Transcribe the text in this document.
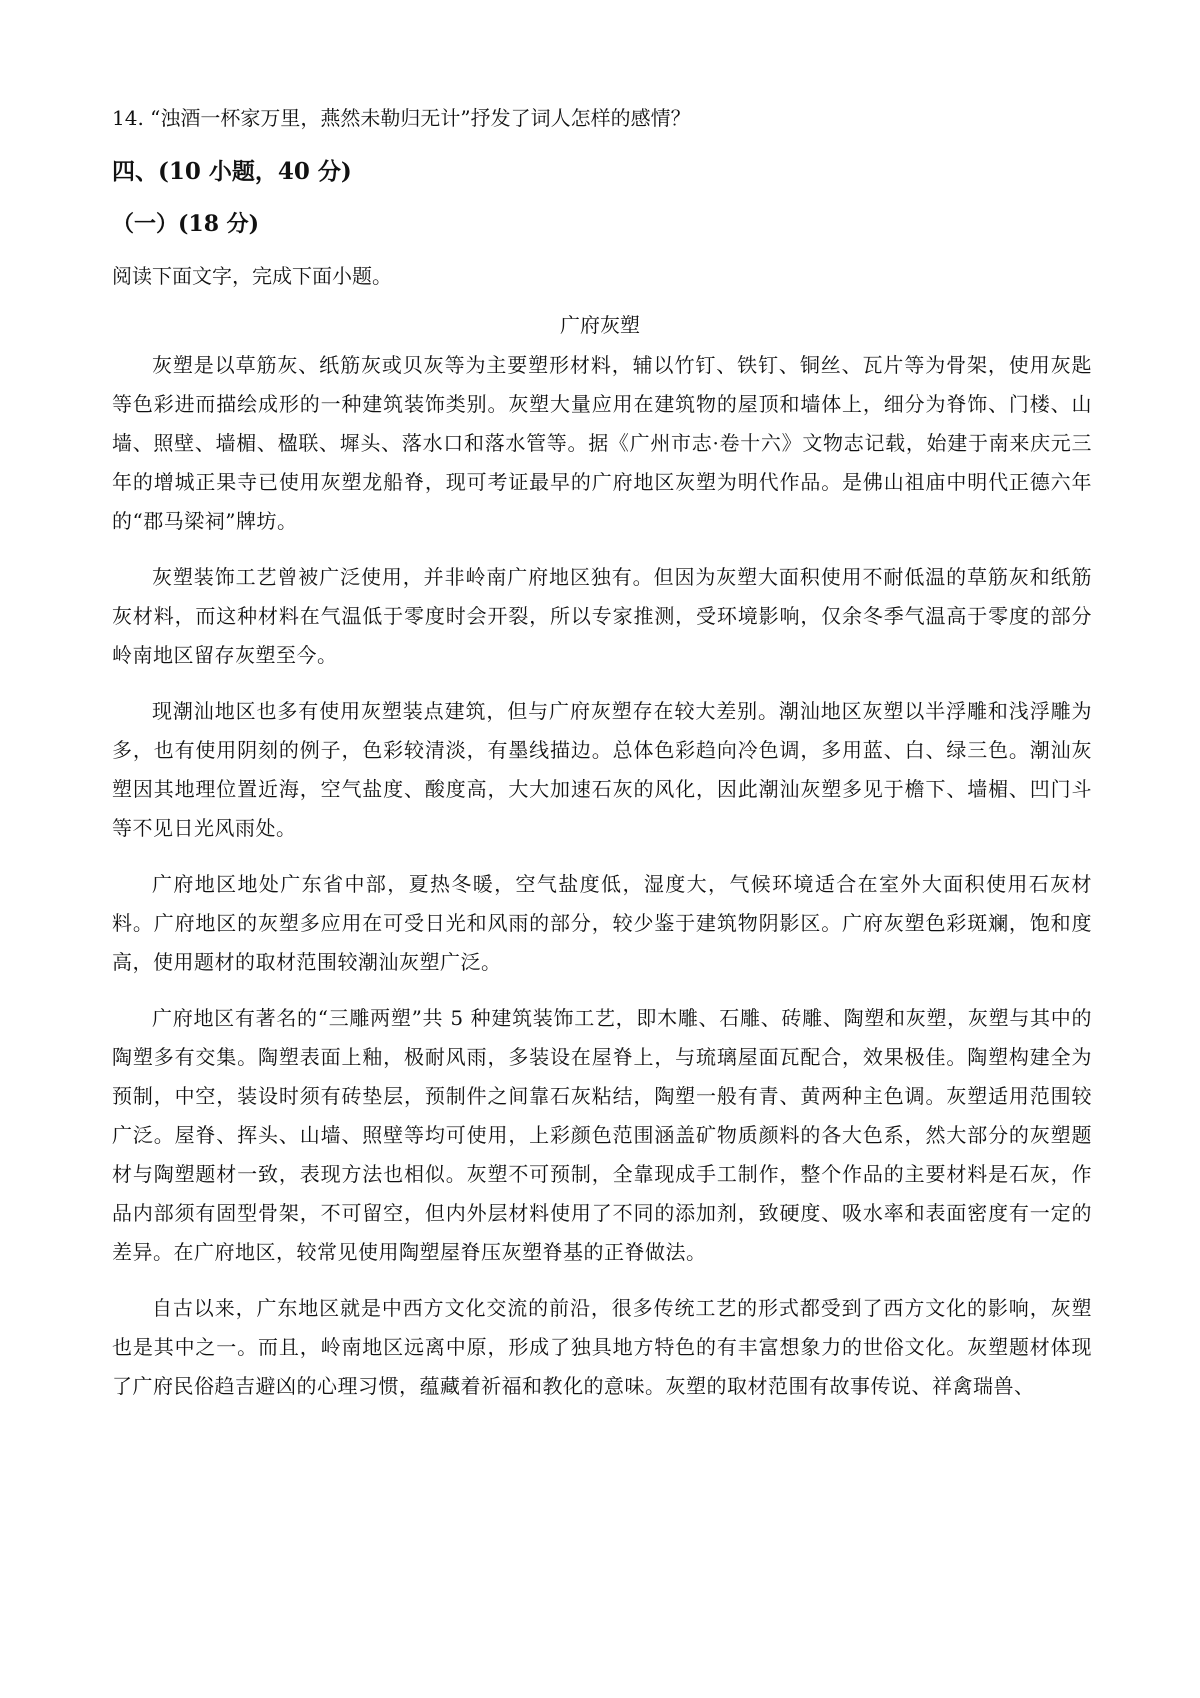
14. “浊酒一杯家万里，燕然未勒归无计”抒发了词人怎样的感情？
四、(10 小题，40 分)
（一）(18 分)
阅读下面文字，完成下面小题。
广府灰塑

灰塑是以草筋灰、纸筋灰或贝灰等为主要塑形材料，辅以竹钉、铁钉、铜丝、瓦片等为骨架，使用灰匙等色彩进而描绘成形的一种建筑装饰类别。灰塑大量应用在建筑物的屋顶和墙体上，细分为脊饰、门楼、山墙、照壁、墙楣、楹联、墀头、落水口和落水管等。据《广州市志·卷十六》文物志记载，始建于南来庆元三年的增城正果寺已使用灰塑龙船脊，现可考证最早的广府地区灰塑为明代作品。是佛山祖庙中明代正德六年的“郡马梁祠”牌坊。

灰塑装饰工艺曾被广泛使用，并非岭南广府地区独有。但因为灰塑大面积使用不耐低温的草筋灰和纸筋灰材料，而这种材料在气温低于零度时会开裂，所以专家推测，受环境影响，仅余冬季气温高于零度的部分岭南地区留存灰塑至今。

现潮汕地区也多有使用灰塑装点建筑，但与广府灰塑存在较大差别。潮汕地区灰塑以半浮雕和浅浮雕为多，也有使用阴刻的例子，色彩较清淡，有墨线描边。总体色彩趋向冷色调，多用蓝、白、绿三色。潮汕灰塑因其地理位置近海，空气盐度、酸度高，大大加速石灰的风化，因此潮汕灰塑多见于檐下、墙楣、凹门斗等不见日光风雨处。

广府地区地处广东省中部，夏热冬暖，空气盐度低，湿度大，气候环境适合在室外大面积使用石灰材料。广府地区的灰塑多应用在可受日光和风雨的部分，较少鉴于建筑物阴影区。广府灰塑色彩斑斓，饱和度高，使用题材的取材范围较潮汕灰塑广泛。

广府地区有著名的“三雕两塑”共 5 种建筑装饰工艺，即木雕、石雕、砖雕、陶塑和灰塑，灰塑与其中的陶塑多有交集。陶塑表面上釉，极耐风雨，多装设在屋脊上，与琉璃屋面瓦配合，效果极佳。陶塑构建全为预制，中空，装设时须有砖垫层，预制件之间靠石灰粘结，陶塑一般有青、黄两种主色调。灰塑适用范围较广泛。屋脊、挥头、山墙、照壁等均可使用，上彩颜色范围涵盖矿物质颜料的各大色系，然大部分的灰塑题材与陶塑题材一致，表现方法也相似。灰塑不可预制，全靠现成手工制作，整个作品的主要材料是石灰，作品内部须有固型骨架，不可留空，但内外层材料使用了不同的添加剂，致硬度、吸水率和表面密度有一定的差异。在广府地区，较常见使用陶塑屋脊压灰塑脊基的正脊做法。

自古以来，广东地区就是中西方文化交流的前沿，很多传统工艺的形式都受到了西方文化的影响，灰塑也是其中之一。而且，岭南地区远离中原，形成了独具地方特色的有丰富想象力的世俗文化。灰塑题材体现了广府民俗趋吉避凶的心理习惯，蕴藏着祈福和教化的意味。灰塑的取材范围有故事传说、祥禽瑞兽、
